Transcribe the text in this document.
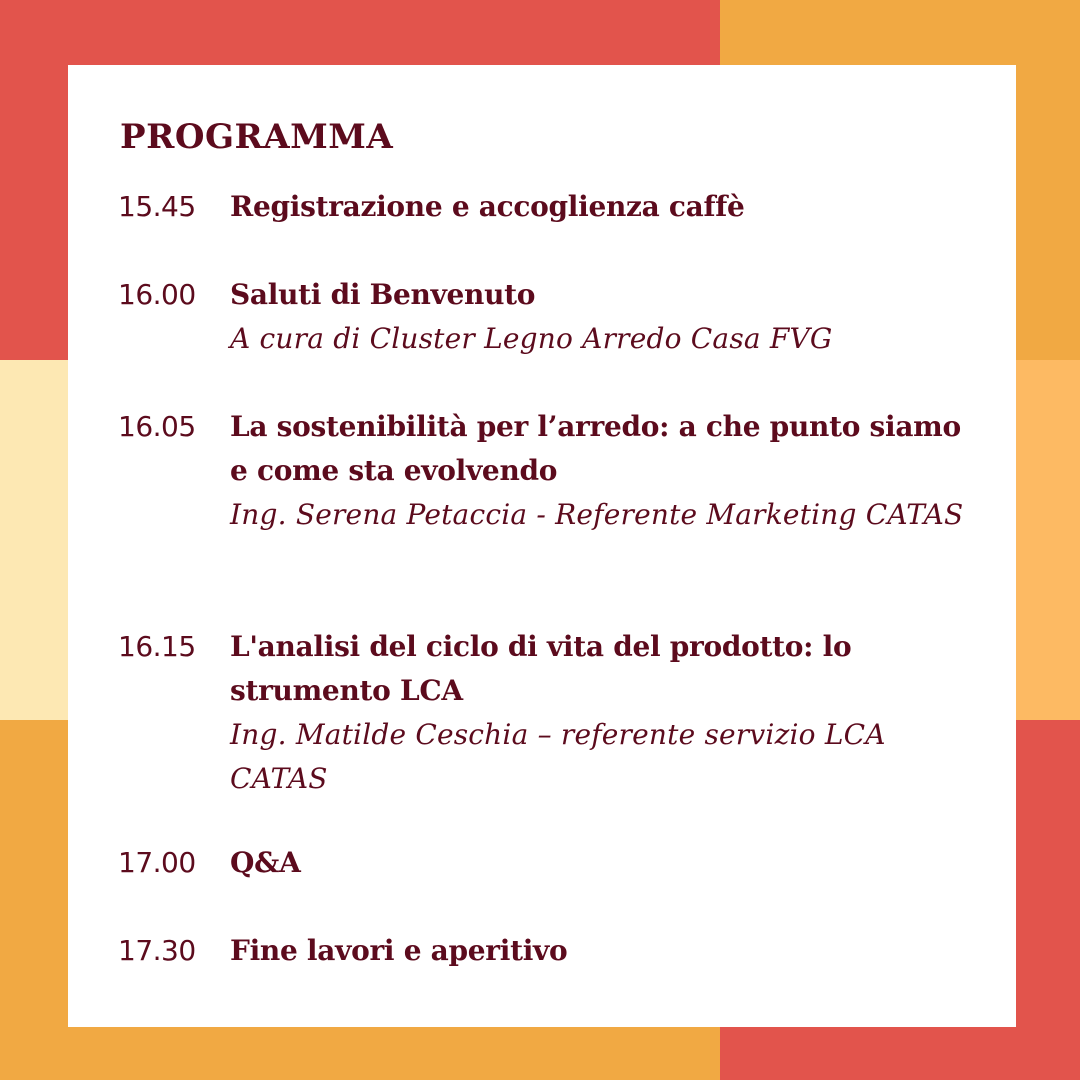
PROGRAMMA
15.45 Registrazione e accoglienza caffè
16.00 Saluti di Benvenuto
A cura di Cluster Legno Arredo Casa FVG
16.05 La sostenibilità per l’arredo: a che punto siamo e come sta evolvendo
Ing. Serena Petaccia - Referente Marketing CATAS
16.15 L'analisi del ciclo di vita del prodotto: lo strumento LCA
Ing. Matilde Ceschia – referente servizio LCA CATAS
17.00 Q&A
17.30 Fine lavori e aperitivo
